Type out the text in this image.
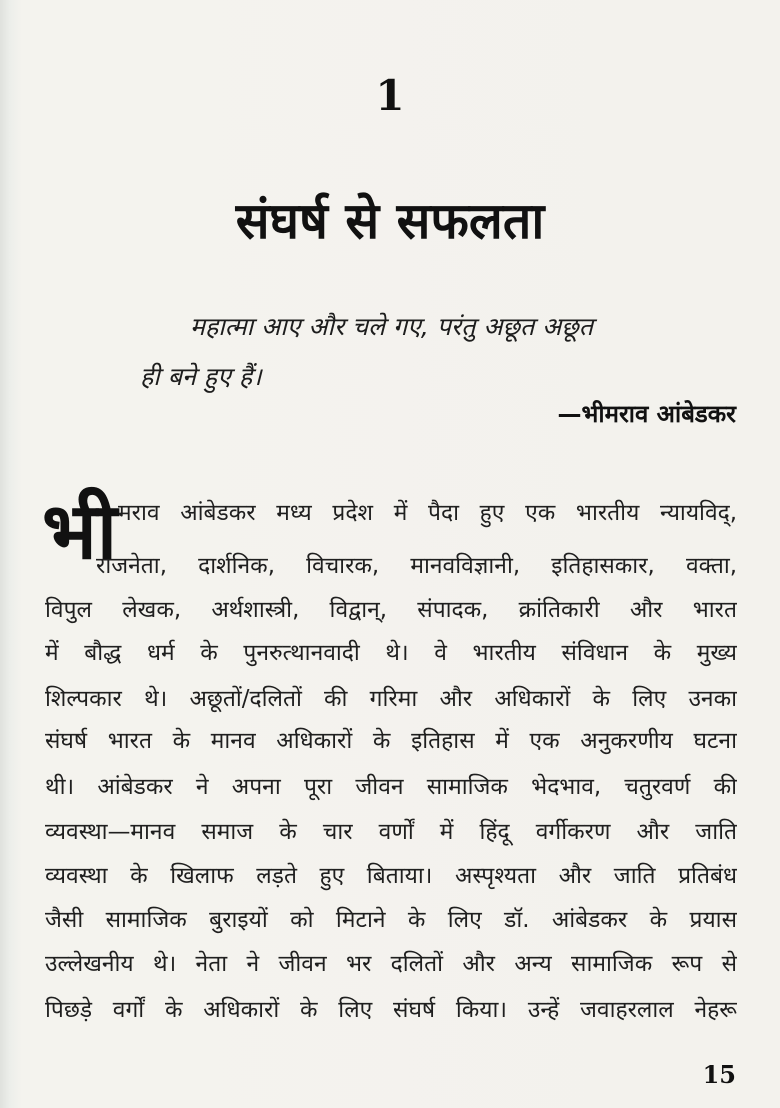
1
संघर्ष से सफलता
महात्मा आए और चले गए, परंतु अछूत अछूत
ही बने हुए हैं।
—भीमराव आंबेडकर
भी मराव आंबेडकर मध्य प्रदेश में पैदा हुए एक भारतीय न्यायविद्,
राजनेता, दार्शनिक, विचारक, मानवविज्ञानी, इतिहासकार, वक्ता,
विपुल लेखक, अर्थशास्त्री, विद्वान्, संपादक, क्रांतिकारी और भारत
में बौद्ध धर्म के पुनरुत्थानवादी थे। वे भारतीय संविधान के मुख्य
शिल्पकार थे। अछूतों/दलितों की गरिमा और अधिकारों के लिए उनका
संघर्ष भारत के मानव अधिकारों के इतिहास में एक अनुकरणीय घटना
थी। आंबेडकर ने अपना पूरा जीवन सामाजिक भेदभाव, चतुरवर्ण की
व्यवस्था—मानव समाज के चार वर्णों में हिंदू वर्गीकरण और जाति
व्यवस्था के खिलाफ लड़ते हुए बिताया। अस्पृश्यता और जाति प्रतिबंध
जैसी सामाजिक बुराइयों को मिटाने के लिए डॉ. आंबेडकर के प्रयास
उल्लेखनीय थे। नेता ने जीवन भर दलितों और अन्य सामाजिक रूप से
पिछड़े वर्गों के अधिकारों के लिए संघर्ष किया। उन्हें जवाहरलाल नेहरू
15
